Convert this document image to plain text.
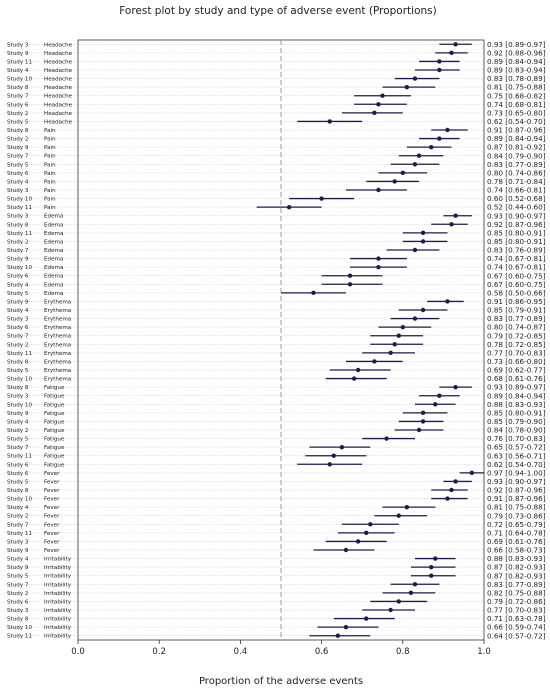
Forest plot by study and type of adverse event (Proportions)
Proportion of the adverse events
Study 3	Headache	0.93 [0.89-0.97]
Study 9	Headache	0.92 [0.88-0.96]
Study 11 Headache	0.89 [0.84-0.94]
Study 4	Headache	0.89 [0.83-0.94]
Study 10 Headache	0.83 [0.78-0.89]
Study 8	Headache	0.81 [0.75-0.88]
Study 7	Headache	0.75 [0.68-0.82]
Study 6	Headache	0.74 [0.68-0.81]
Study 2	Headache	0.73 [0.65-0.80]
Study 5	Headache	0.62 [0.54-0.70]
Study 8	Pain	0.91 [0.87-0.96]
Study 2	Pain	0.89 [0.84-0.94]
Study 9	Pain	0.87 [0.81-0.92]
Study 7	Pain	0.84 [0.79-0.90]
Study 5	Pain	0.83 [0.77-0.89]
Study 6	Pain	0.80 [0.74-0.86]
Study 4	Pain	0.78 [0.71-0.84]
Study 3	Pain	0.74 [0.66-0.81]
Study 10 Pain	0.60 [0.52-0.68]
Study 11 Pain	0.52 [0.44-0.60]
Study 3	Edema	0.93 [0.90-0.97]
Study 8	Edema	0.92 [0.87-0.96]
Study 11 Edema	0.85 [0.80-0.91]
Study 2	Edema	0.85 [0.80-0.91]
Study 7	Edema	0.83 [0.76-0.89]
Study 9	Edema	0.74 [0.67-0.81]
Study 10 Edema	0.74 [0.67-0.81]
Study 6	Edema	0.67 [0.60-0.75]
Study 4	Edema	0.67 [0.60-0.75]
Study 5	Edema	0.58 [0.50-0.66]
Study 9	Erythema	0.91 [0.86-0.95]
Study 4	Erythema	0.85 [0.79-0.91]
Study 3	Erythema	0.83 [0.77-0.89]
Study 6	Erythema	0.80 [0.74-0.87]
Study 7	Erythema	0.79 [0.72-0.85]
Study 2	Erythema	0.78 [0.72-0.85]
Study 11 Erythema	0.77 [0.70-0.83]
Study 8	Erythema	0.73 [0.66-0.80]
Study 5	Erythema	0.69 [0.62-0.77]
Study 10 Erythema	0.68 [0.61-0.76]
Study 8	Fatigue	0.93 [0.89-0.97]
Study 3	Fatigue	0.89 [0.84-0.94]
Study 10 Fatigue	0.88 [0.83-0.93]
Study 9	Fatigue	0.85 [0.80-0.91]
Study 4	Fatigue	0.85 [0.79-0.90]
Study 2	Fatigue	0.84 [0.78-0.90]
Study 5	Fatigue	0.76 [0.70-0.83]
Study 7	Fatigue	0.65 [0.57-0.72]
Study 11 Fatigue	0.63 [0.56-0.71]
Study 6	Fatigue	0.62 [0.54-0.70]
Study 6	Fever	0.97 [0.94-1.00]
Study 5	Fever	0.93 [0.90-0.97]
Study 8	Fever	0.92 [0.87-0.96]
Study 10 Fever	0.91 [0.87-0.96]
Study 4	Fever	0.81 [0.75-0.88]
Study 2	Fever	0.79 [0.73-0.86]
Study 7	Fever	0.72 [0.65-0.79]
Study 11 Fever	0.71 [0.64-0.78]
Study 3	Fever	0.69 [0.61-0.76]
Study 9	Fever	0.66 [0.58-0.73]
Study 4	Irritability	0.88 [0.83-0.93]
Study 9	Irritability	0.87 [0.82-0.93]
Study 5	Irritability	0.87 [0.82-0.93]
Study 7	Irritability	0.83 [0.77-0.89]
Study 2	Irritability	0.82 [0.75-0.88]
Study 6	Irritability	0.79 [0.72-0.86]
Study 3	Irritability	0.77 [0.70-0.83]
Study 8	Irritability	0.71 [0.63-0.78]
Study 10 Irritability	0.66 [0.59-0.74]
Study 11 Irritability	0.64 [0.57-0.72]
0.0	0.2	0.4	0.6	0.8	1.0
